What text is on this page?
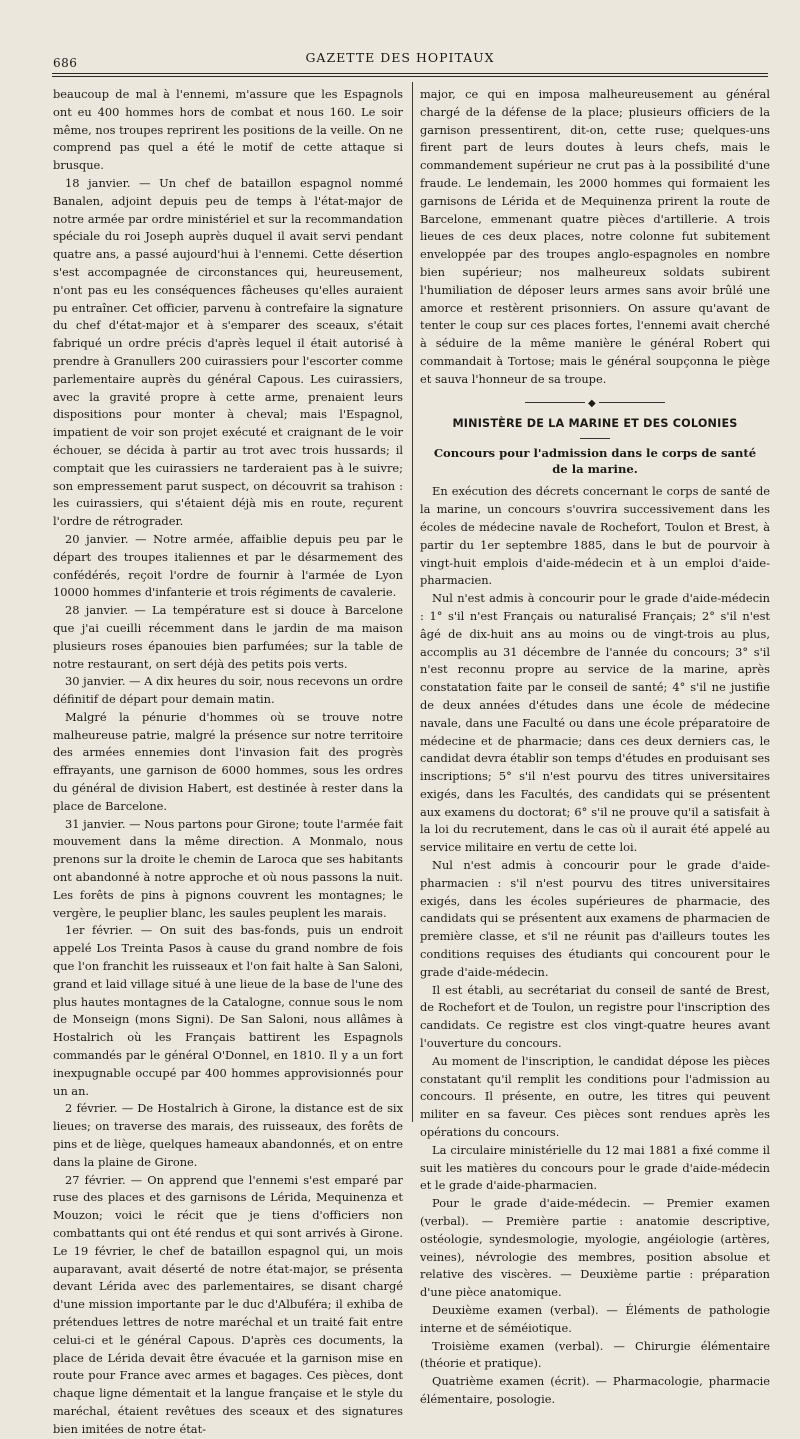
686	GAZETTE DES HOPITAUX

beaucoup de mal à l'ennemi, m'assure que les Espagnols ont eu 400 hommes hors de combat et nous 160. Le soir même, nos troupes reprirent les positions de la veille. On ne comprend pas quel a été le motif de cette attaque si brusque.

18 janvier. — Un chef de bataillon espagnol nommé Banalen, adjoint depuis peu de temps à l'état-major de notre armée par ordre ministériel et sur la recommandation spéciale du roi Joseph auprès duquel il avait servi pendant quatre ans, a passé aujourd'hui à l'ennemi. Cette désertion s'est accompagnée de circonstances qui, heureusement, n'ont pas eu les conséquences fâcheuses qu'elles auraient pu entraîner. Cet officier, parvenu à contrefaire la signature du chef d'état-major et à s'emparer des sceaux, s'était fabriqué un ordre précis d'après lequel il était autorisé à prendre à Granullers 200 cuirassiers pour l'escorter comme parlementaire auprès du général Capous. Les cuirassiers, avec la gravité propre à cette arme, prenaient leurs dispositions pour monter à cheval; mais l'Espagnol, impatient de voir son projet exécuté et craignant de le voir échouer, se décida à partir au trot avec trois hussards; il comptait que les cuirassiers ne tarderaient pas à le suivre; son empressement parut suspect, on découvrit sa trahison : les cuirassiers, qui s'étaient déjà mis en route, reçurent l'ordre de rétrograder.

20 janvier. — Notre armée, affaiblie depuis peu par le départ des troupes italiennes et par le désarmement des confédérés, reçoit l'ordre de fournir à l'armée de Lyon 10000 hommes d'infanterie et trois régiments de cavalerie.

28 janvier. — La température est si douce à Barcelone que j'ai cueilli récemment dans le jardin de ma maison plusieurs roses épanouies bien parfumées; sur la table de notre restaurant, on sert déjà des petits pois verts.

30 janvier. — A dix heures du soir, nous recevons un ordre définitif de départ pour demain matin.

Malgré la pénurie d'hommes où se trouve notre malheureuse patrie, malgré la présence sur notre territoire des armées ennemies dont l'invasion fait des progrès effrayants, une garnison de 6000 hommes, sous les ordres du général de division Habert, est destinée à rester dans la place de Barcelone.

31 janvier. — Nous partons pour Girone; toute l'armée fait mouvement dans la même direction. A Monmalo, nous prenons sur la droite le chemin de Laroca que ses habitants ont abandonné à notre approche et où nous passons la nuit. Les forêts de pins à pignons couvrent les montagnes; le vergère, le peuplier blanc, les saules peuplent les marais.

1er février. — On suit des bas-fonds, puis un endroit appelé Los Treinta Pasos à cause du grand nombre de fois que l'on franchit les ruisseaux et l'on fait halte à San Saloni, grand et laid village situé à une lieue de la base de l'une des plus hautes montagnes de la Catalogne, connue sous le nom de Monseign (mons Signi). De San Saloni, nous allâmes à Hostalrich où les Français battirent les Espagnols commandés par le général O'Donnel, en 1810. Il y a un fort inexpugnable occupé par 400 hommes approvisionnés pour un an.

2 février. — De Hostalrich à Girone, la distance est de six lieues; on traverse des marais, des ruisseaux, des forêts de pins et de liège, quelques hameaux abandonnés, et on entre dans la plaine de Girone.

27 février. — On apprend que l'ennemi s'est emparé par ruse des places et des garnisons de Lérida, Mequinenza et Mouzon; voici le récit que je tiens d'officiers non combattants qui ont été rendus et qui sont arrivés à Girone. Le 19 février, le chef de bataillon espagnol qui, un mois auparavant, avait déserté de notre état-major, se présenta devant Lérida avec des parlementaires, se disant chargé d'une mission importante par le duc d'Albuféra; il exhiba de prétendues lettres de notre maréchal et un traité fait entre celui-ci et le général Capous. D'après ces documents, la place de Lérida devait être évacuée et la garnison mise en route pour France avec armes et bagages. Ces pièces, dont chaque ligne démentait et la langue française et le style du maréchal, étaient revêtues des sceaux et des signatures bien imitées de notre état-

major, ce qui en imposa malheureusement au général chargé de la défense de la place; plusieurs officiers de la garnison pressentirent, dit-on, cette ruse; quelques-uns firent part de leurs doutes à leurs chefs, mais le commandement supérieur ne crut pas à la possibilité d'une fraude. Le lendemain, les 2000 hommes qui formaient les garnisons de Lérida et de Mequinenza prirent la route de Barcelone, emmenant quatre pièces d'artillerie. A trois lieues de ces deux places, notre colonne fut subitement enveloppée par des troupes anglo-espagnoles en nombre bien supérieur; nos malheureux soldats subirent l'humiliation de déposer leurs armes sans avoir brûlé une amorce et restèrent prisonniers. On assure qu'avant de tenter le coup sur ces places fortes, l'ennemi avait cherché à séduire de la même manière le général Robert qui commandait à Tortose; mais le général soupçonna le piège et sauva l'honneur de sa troupe.

◆
MINISTÈRE DE LA MARINE ET DES COLONIES
Concours pour l'admission dans le corps de santé de la marine.

En exécution des décrets concernant le corps de santé de la marine, un concours s'ouvrira successivement dans les écoles de médecine navale de Rochefort, Toulon et Brest, à partir du 1er septembre 1885, dans le but de pourvoir à vingt-huit emplois d'aide-médecin et à un emploi d'aide-pharmacien.

Nul n'est admis à concourir pour le grade d'aide-médecin : 1° s'il n'est Français ou naturalisé Français; 2° s'il n'est âgé de dix-huit ans au moins ou de vingt-trois au plus, accomplis au 31 décembre de l'année du concours; 3° s'il n'est reconnu propre au service de la marine, après constatation faite par le conseil de santé; 4° s'il ne justifie de deux années d'études dans une école de médecine navale, dans une Faculté ou dans une école préparatoire de médecine et de pharmacie; dans ces deux derniers cas, le candidat devra établir son temps d'études en produisant ses inscriptions; 5° s'il n'est pourvu des titres universitaires exigés, dans les Facultés, des candidats qui se présentent aux examens du doctorat; 6° s'il ne prouve qu'il a satisfait à la loi du recrutement, dans le cas où il aurait été appelé au service militaire en vertu de cette loi.

Nul n'est admis à concourir pour le grade d'aide-pharmacien : s'il n'est pourvu des titres universitaires exigés, dans les écoles supérieures de pharmacie, des candidats qui se présentent aux examens de pharmacien de première classe, et s'il ne réunit pas d'ailleurs toutes les conditions requises des étudiants qui concourent pour le grade d'aide-médecin.

Il est établi, au secrétariat du conseil de santé de Brest, de Rochefort et de Toulon, un registre pour l'inscription des candidats. Ce registre est clos vingt-quatre heures avant l'ouverture du concours.

Au moment de l'inscription, le candidat dépose les pièces constatant qu'il remplit les conditions pour l'admission au concours. Il présente, en outre, les titres qui peuvent militer en sa faveur. Ces pièces sont rendues après les opérations du concours.

La circulaire ministérielle du 12 mai 1881 a fixé comme il suit les matières du concours pour le grade d'aide-médecin et le grade d'aide-pharmacien.

Pour le grade d'aide-médecin. — Premier examen (verbal). — Première partie : anatomie descriptive, ostéologie, syndesmologie, myologie, angéiologie (artères, veines), névrologie des membres, position absolue et relative des viscères. — Deuxième partie : préparation d'une pièce anatomique.

Deuxième examen (verbal). — Éléments de pathologie interne et de séméiotique.

Troisième examen (verbal). — Chirurgie élémentaire (théorie et pratique).

Quatrième examen (écrit). — Pharmacologie, pharmacie élémentaire, posologie.
